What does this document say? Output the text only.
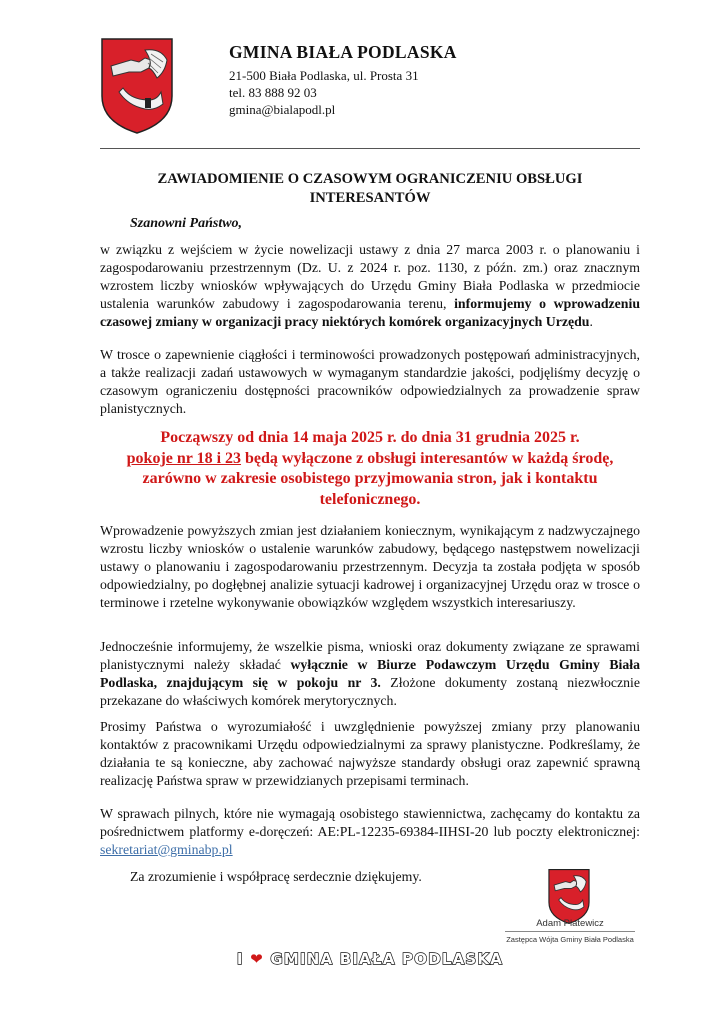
GMINA BIAŁA PODLASKA
21-500 Biała Podlaska, ul. Prosta 31
tel. 83 888 92 03
gmina@bialapodl.pl
ZAWIADOMIENIE O CZASOWYM OGRANICZENIU OBSŁUGI
INTERESANTÓW
Szanowni Państwo,
w związku z wejściem w życie nowelizacji ustawy z dnia 27 marca 2003 r. o planowaniu i zagospodarowaniu przestrzennym (Dz. U. z 2024 r. poz. 1130, z późn. zm.) oraz znacznym wzrostem liczby wniosków wpływających do Urzędu Gminy Biała Podlaska w przedmiocie ustalenia warunków zabudowy i zagospodarowania terenu, informujemy o wprowadzeniu czasowej zmiany w organizacji pracy niektórych komórek organizacyjnych Urzędu.
W trosce o zapewnienie ciągłości i terminowości prowadzonych postępowań administracyjnych, a także realizacji zadań ustawowych w wymaganym standardzie jakości, podjęliśmy decyzję o czasowym ograniczeniu dostępności pracowników odpowiedzialnych za prowadzenie spraw planistycznych.
Począwszy od dnia 14 maja 2025 r. do dnia 31 grudnia 2025 r.
pokoje nr 18 i 23 będą wyłączone z obsługi interesantów w każdą środę, zarówno w zakresie osobistego przyjmowania stron, jak i kontaktu telefonicznego.
Wprowadzenie powyższych zmian jest działaniem koniecznym, wynikającym z nadzwyczajnego wzrostu liczby wniosków o ustalenie warunków zabudowy, będącego następstwem nowelizacji ustawy o planowaniu i zagospodarowaniu przestrzennym. Decyzja ta została podjęta w sposób odpowiedzialny, po dogłębnej analizie sytuacji kadrowej i organizacyjnej Urzędu oraz w trosce o terminowe i rzetelne wykonywanie obowiązków względem wszystkich interesariuszy.
Jednocześnie informujemy, że wszelkie pisma, wnioski oraz dokumenty związane ze sprawami planistycznymi należy składać wyłącznie w Biurze Podawczym Urzędu Gminy Biała Podlaska, znajdującym się w pokoju nr 3. Złożone dokumenty zostaną niezwłocznie przekazane do właściwych komórek merytorycznych.
Prosimy Państwa o wyrozumiałość i uwzględnienie powyższej zmiany przy planowaniu kontaktów z pracownikami Urzędu odpowiedzialnymi za sprawy planistyczne. Podkreślamy, że działania te są konieczne, aby zachować najwyższe standardy obsługi oraz zapewnić sprawną realizację Państwa spraw w przewidzianych przepisami terminach.
W sprawach pilnych, które nie wymagają osobistego stawiennictwa, zachęcamy do kontaktu za pośrednictwem platformy e-doręczeń: AE:PL-12235-69384-IIHSI-20 lub poczty elektronicznej: sekretariat@gminabp.pl
Za zrozumienie i współpracę serdecznie dziękujemy.
Adam Platewicz
Zastępca Wójta Gminy Biała Podlaska
I ❤ GMINA BIAŁA PODLASKA
